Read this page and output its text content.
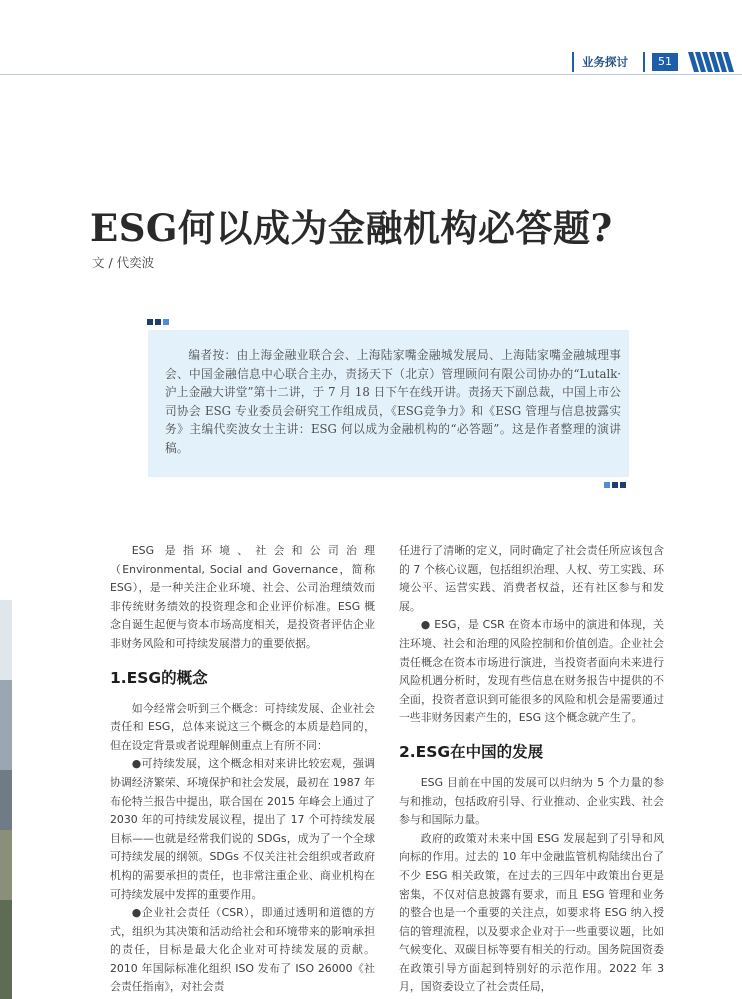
业务探讨	51
ESG何以成为金融机构必答题?
文 / 代奕波

编者按：由上海金融业联合会、上海陆家嘴金融城发展局、上海陆家嘴金融城理事会、中国金融信息中心联合主办，责扬天下（北京）管理顾问有限公司协办的“Lutalk·沪上金融大讲堂”第十二讲，于 7 月 18 日下午在线开讲。责扬天下副总裁，中国上市公司协会 ESG 专业委员会研究工作组成员，《ESG竞争力》和《ESG 管理与信息披露实务》主编代奕波女士主讲：ESG 何以成为金融机构的“必答题”。这是作者整理的演讲稿。

ESG 是指环境、社会和公司治理（Environmental, Social and Governance，简称 ESG），是一种关注企业环境、社会、公司治理绩效而非传统财务绩效的投资理念和企业评价标准。ESG 概念自诞生起便与资本市场高度相关，是投资者评估企业非财务风险和可持续发展潜力的重要依据。

1.ESG的概念

如今经常会听到三个概念：可持续发展、企业社会责任和 ESG，总体来说这三个概念的本质是趋同的，但在设定背景或者说理解侧重点上有所不同：

●可持续发展，这个概念相对来讲比较宏观，强调协调经济繁荣、环境保护和社会发展，最初在 1987 年布伦特兰报告中提出，联合国在 2015 年峰会上通过了 2030 年的可持续发展议程，提出了 17 个可持续发展目标——也就是经常我们说的 SDGs，成为了一个全球可持续发展的纲领。SDGs 不仅关注社会组织或者政府机构的需要承担的责任，也非常注重企业、商业机构在可持续发展中发挥的重要作用。

●企业社会责任（CSR），即通过透明和道德的方式，组织为其决策和活动给社会和环境带来的影响承担的责任，目标是最大化企业对可持续发展的贡献。2010 年国际标准化组织 ISO 发布了 ISO 26000《社会责任指南》，对社会责

任进行了清晰的定义，同时确定了社会责任所应该包含的 7 个核心议题，包括组织治理、人权、劳工实践、环境公平、运营实践、消费者权益，还有社区参与和发展。

● ESG，是 CSR 在资本市场中的演进和体现，关注环境、社会和治理的风险控制和价值创造。企业社会责任概念在资本市场进行演进，当投资者面向未来进行风险机遇分析时，发现有些信息在财务报告中提供的不全面，投资者意识到可能很多的风险和机会是需要通过一些非财务因素产生的，ESG 这个概念就产生了。

2.ESG在中国的发展

ESG 目前在中国的发展可以归纳为 5 个力量的参与和推动，包括政府引导、行业推动、企业实践、社会参与和国际力量。

政府的政策对未来中国 ESG 发展起到了引导和风向标的作用。过去的 10 年中金融监管机构陆续出台了不少 ESG 相关政策，在过去的三四年中政策出台更是密集，不仅对信息披露有要求，而且 ESG 管理和业务的整合也是一个重要的关注点，如要求将 ESG 纳入授信的管理流程，以及要求企业对于一些重要议题，比如气候变化、双碳目标等要有相关的行动。国务院国资委在政策引导方面起到特别好的示范作用。2022 年 3 月，国资委设立了社会责任局，
